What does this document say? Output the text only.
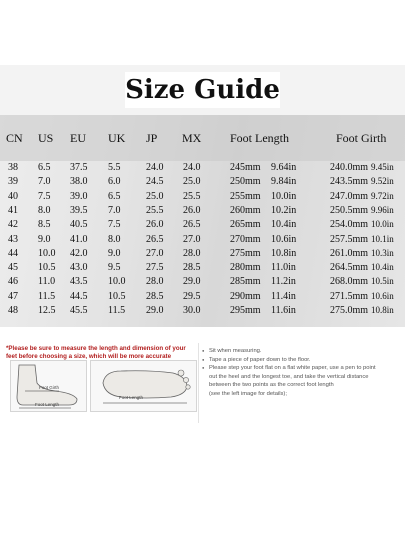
Size Guide
CN US EU UK JP MX Foot Length	Foot Girth
38 6.5 37.5 5.5	24.0 24.0	245mm 9.64in	240.0mm 9.45in
39 7.0 38.0 6.0	24.5 25.0	250mm 9.84in	243.5mm 9.52in
40 7.5 39.0 6.5	25.0 25.5	255mm 10.0in	247.0mm 9.72in
41 8.0 39.5 7.0	25.5 26.0	260mm 10.2in	250.5mm 9.96in
42 8.5 40.5 7.5	26.0 26.5	265mm 10.4in	254.0mm 10.0in
43 9.0 41.0 8.0	26.5 27.0	270mm 10.6in	257.5mm 10.1in
44 10.0 42.0 9.0	27.0 28.0	275mm 10.8in	261.0mm 10.3in
45 10.5 43.0 9.5	27.5 28.5	280mm 11.0in	264.5mm 10.4in
46 11.0 43.5 10.0 28.0 29.0	285mm 11.2in	268.0mm 10.5in
47 11.5 44.5 10.5 28.5 29.5	290mm 11.4in	271.5mm 10.6in
48 12.5 45.5 11.5 29.0 30.0	295mm 11.6in	275.0mm 10.8in
*Please be sure to measure the length and dimension of your feet before choosing a size, which will be more accurate
Foot Girth
Foot Length
Foot Length
● Sit when measuring.
● Tape a piece of paper down to the floor.
● Please step your foot flat on a flat white paper, use a pen to point
out the heel and the longest toe, and take the vertical distance
between the two points as the correct foot length
(see the left image for details);
